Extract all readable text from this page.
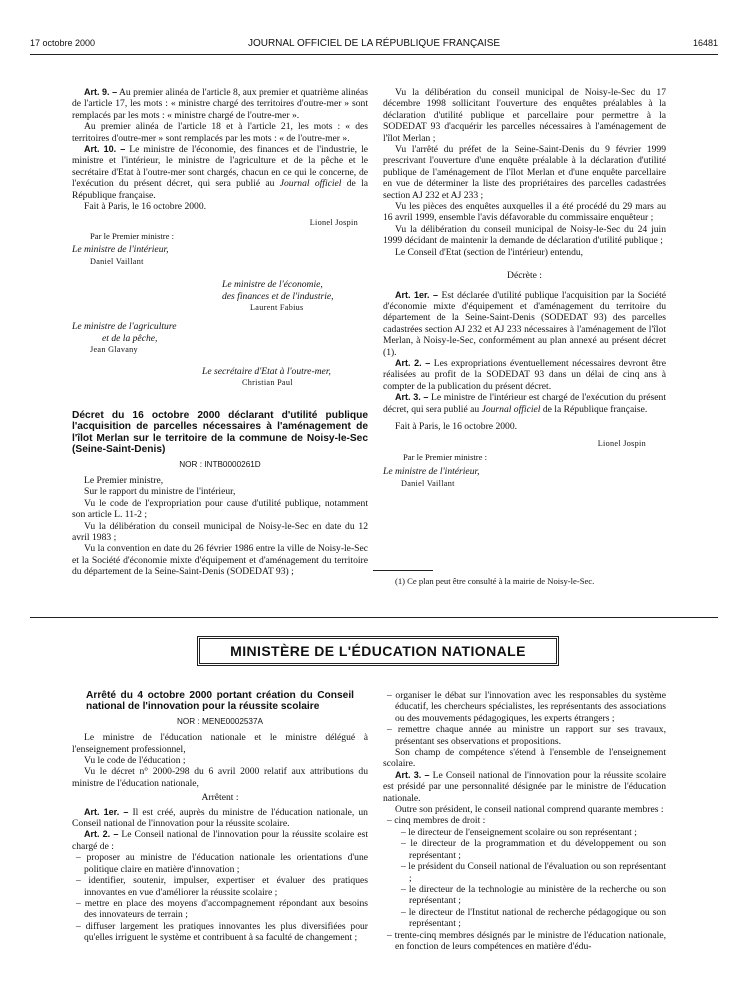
17 octobre 2000	JOURNAL OFFICIEL DE LA RÉPUBLIQUE FRANÇAISE	16481

Art. 9. – Au premier alinéa de l'article 8, aux premier et quatrième alinéas de l'article 17, les mots : « ministre chargé des territoires d'outre-mer » sont remplacés par les mots : « ministre chargé de l'outre-mer ».

Au premier alinéa de l'article 18 et à l'article 21, les mots : « des territoires d'outre-mer » sont remplacés par les mots : « de l'outre-mer ».

Art. 10. – Le ministre de l'économie, des finances et de l'industrie, le ministre et l'intérieur, le ministre de l'agriculture et de la pêche et le secrétaire d'Etat à l'outre-mer sont chargés, chacun en ce qui le concerne, de l'exécution du présent décret, qui sera publié au Journal officiel de la République française.

Fait à Paris, le 16 octobre 2000.

Lionel Jospin

Par le Premier ministre :

Le ministre de l'intérieur,

Daniel Vaillant

Le ministre de l'économie,

des finances et de l'industrie,

Laurent Fabius

Le ministre de l'agriculture

et de la pêche,

Jean Glavany

Le secrétaire d'Etat à l'outre-mer,

Christian Paul

Décret du 16 octobre 2000 déclarant d'utilité publique l'acquisition de parcelles nécessaires à l'aménagement de l'îlot Merlan sur le territoire de la commune de Noisy-le-Sec (Seine-Saint-Denis)

NOR : INTB0000261D

Le Premier ministre,

Sur le rapport du ministre de l'intérieur,

Vu le code de l'expropriation pour cause d'utilité publique, notamment son article L. 11-2 ;

Vu la délibération du conseil municipal de Noisy-le-Sec en date du 12 avril 1983 ;

Vu la convention en date du 26 février 1986 entre la ville de Noisy-le-Sec et la Société d'économie mixte d'équipement et d'aménagement du territoire du département de la Seine-Saint-Denis (SODEDAT 93) ;

Vu la délibération du conseil municipal de Noisy-le-Sec du 17 décembre 1998 sollicitant l'ouverture des enquêtes préalables à la déclaration d'utilité publique et parcellaire pour permettre à la SODEDAT 93 d'acquérir les parcelles nécessaires à l'aménagement de l'îlot Merlan ;

Vu l'arrêté du préfet de la Seine-Saint-Denis du 9 février 1999 prescrivant l'ouverture d'une enquête préalable à la déclaration d'utilité publique de l'aménagement de l'îlot Merlan et d'une enquête parcellaire en vue de déterminer la liste des propriétaires des parcelles cadastrées section AJ 232 et AJ 233 ;

Vu les pièces des enquêtes auxquelles il a été procédé du 29 mars au 16 avril 1999, ensemble l'avis défavorable du commissaire enquêteur ;

Vu la délibération du conseil municipal de Noisy-le-Sec du 24 juin 1999 décidant de maintenir la demande de déclaration d'utilité publique ;

Le Conseil d'Etat (section de l'intérieur) entendu,

Décrète :

Art. 1er. – Est déclarée d'utilité publique l'acquisition par la Société d'économie mixte d'équipement et d'aménagement du territoire du département de la Seine-Saint-Denis (SODEDAT 93) des parcelles cadastrées section AJ 232 et AJ 233 nécessaires à l'aménagement de l'îlot Merlan, à Noisy-le-Sec, conformément au plan annexé au présent décret (1).

Art. 2. – Les expropriations éventuellement nécessaires devront être réalisées au profit de la SODEDAT 93 dans un délai de cinq ans à compter de la publication du présent décret.

Art. 3. – Le ministre de l'intérieur est chargé de l'exécution du présent décret, qui sera publié au Journal officiel de la République française.

Fait à Paris, le 16 octobre 2000.

Lionel Jospin

Par le Premier ministre :

Le ministre de l'intérieur,

Daniel Vaillant

(1) Ce plan peut être consulté à la mairie de Noisy-le-Sec.

MINISTÈRE DE L'ÉDUCATION NATIONALE

Arrêté du 4 octobre 2000 portant création du Conseil national de l'innovation pour la réussite scolaire

NOR : MENE0002537A

Le ministre de l'éducation nationale et le ministre délégué à l'enseignement professionnel,

Vu le code de l'éducation ;

Vu le décret n° 2000-298 du 6 avril 2000 relatif aux attributions du ministre de l'éducation nationale,

Arrêtent :

Art. 1er. – Il est créé, auprès du ministre de l'éducation nationale, un Conseil national de l'innovation pour la réussite scolaire.

Art. 2. – Le Conseil national de l'innovation pour la réussite scolaire est chargé de :

– proposer au ministre de l'éducation nationale les orientations d'une politique claire en matière d'innovation ;
– identifier, soutenir, impulser, expertiser et évaluer des pratiques innovantes en vue d'améliorer la réussite scolaire ;
– mettre en place des moyens d'accompagnement répondant aux besoins des innovateurs de terrain ;
– diffuser largement les pratiques innovantes les plus diversifiées pour qu'elles irriguent le système et contribuent à sa faculté de changement ;
– organiser le débat sur l'innovation avec les responsables du système éducatif, les chercheurs spécialistes, les représentants des associations ou des mouvements pédagogiques, les experts étrangers ;
– remettre chaque année au ministre un rapport sur ses travaux, présentant ses observations et propositions.

Son champ de compétence s'étend à l'ensemble de l'enseignement scolaire.

Art. 3. – Le Conseil national de l'innovation pour la réussite scolaire est présidé par une personnalité désignée par le ministre de l'éducation nationale.

Outre son président, le conseil national comprend quarante membres :

– cinq membres de droit :
– le directeur de l'enseignement scolaire ou son représentant ;
– le directeur de la programmation et du développement ou son représentant ;
– le président du Conseil national de l'évaluation ou son représentant ;
– le directeur de la technologie au ministère de la recherche ou son représentant ;
– le directeur de l'Institut national de recherche pédagogique ou son représentant ;
– trente-cinq membres désignés par le ministre de l'éducation nationale, en fonction de leurs compétences en matière d'édu-
